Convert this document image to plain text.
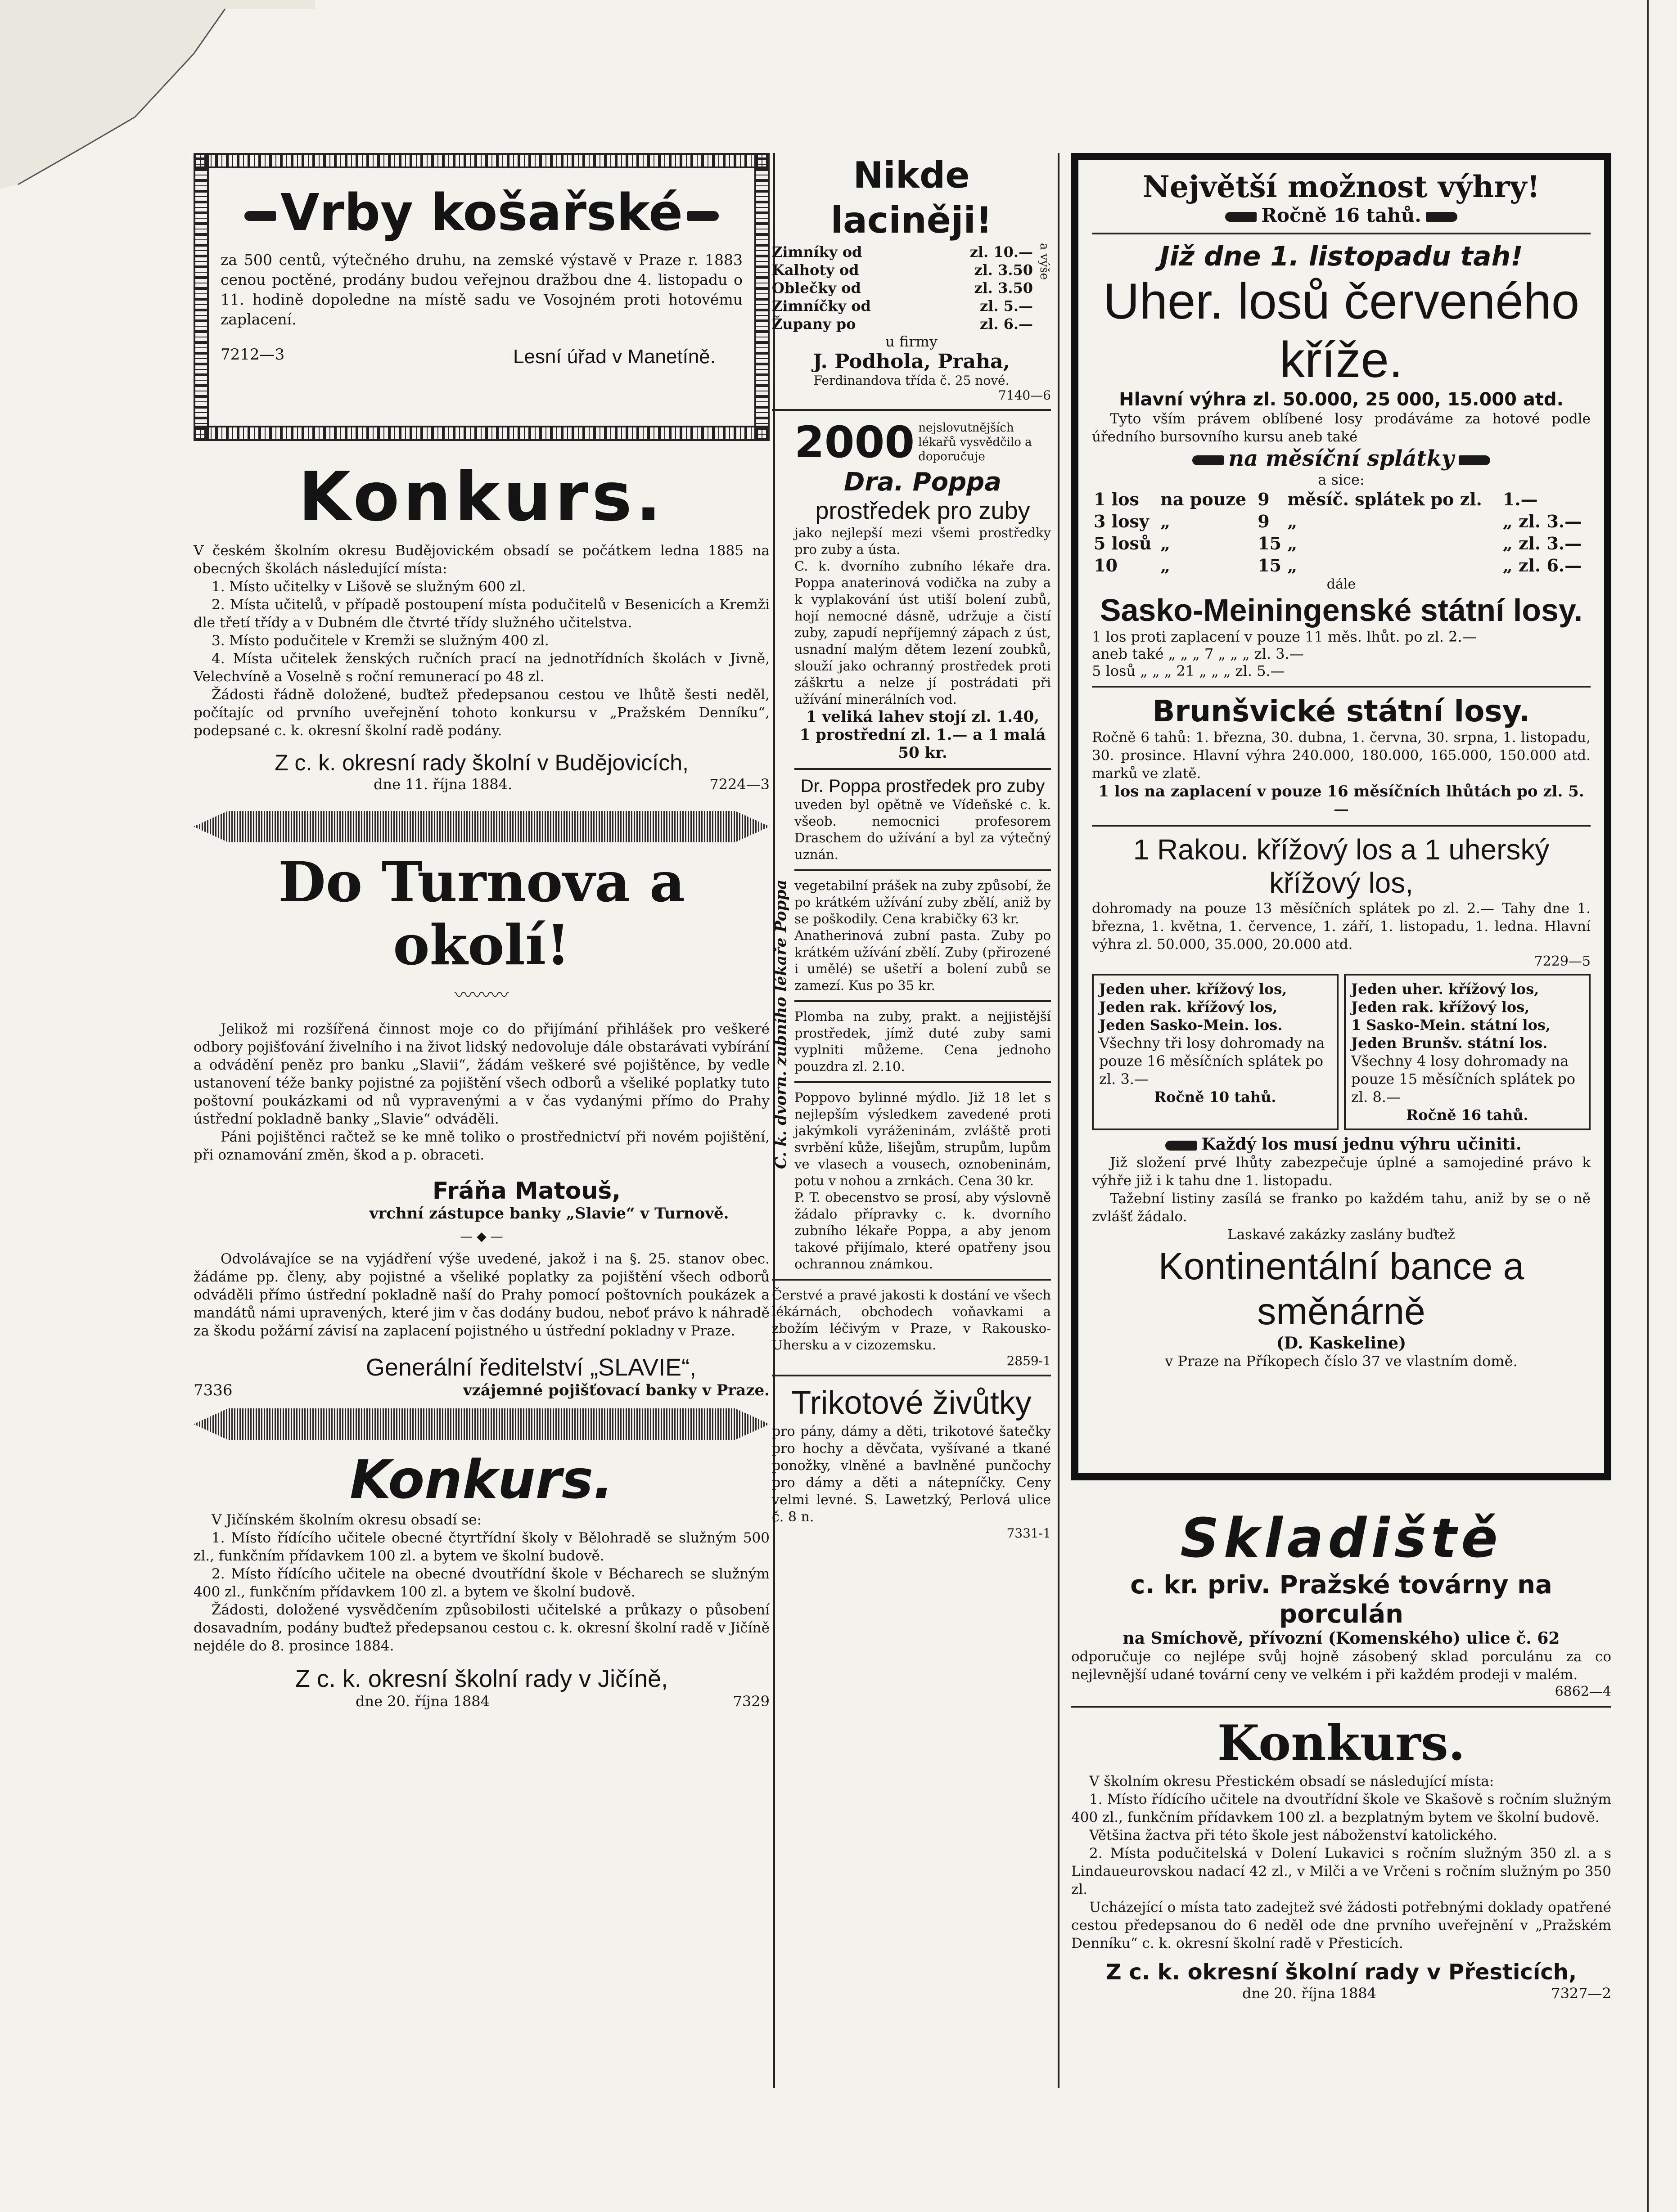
Vrby košařské

za 500 centů, výtečného druhu, na zemské výstavě v Praze r. 1883 cenou poctěné, prodány budou veřejnou dražbou dne 4. listopadu o 11. hodině dopoledne na místě sadu ve Vosojném proti hotovému zaplacení.

7212—3	Lesní úřad v Manetíně.
Konkurs.

V českém školním okresu Budějovickém obsadí se počátkem ledna 1885 na obecných školách následující místa:

1. Místo učitelky v Lišově se služným 600 zl.

2. Místa učitelů, v případě postoupení místa podučitelů v Besenicích a Kremži dle třetí třídy a v Dubném dle čtvrté třídy služného učitelstva.

3. Místo podučitele v Kremži se služným 400 zl.

4. Místa učitelek ženských ručních prací na jednotřídních školách v Jivně, Velechvíně a Voselně s roční remunerací po 48 zl.

Žádosti řádně doložené, buďtež předepsanou cestou ve lhůtě šesti neděl, počítajíc od prvního uveřejnění tohoto konkursu v „Pražském Denníku“, podepsané c. k. okresní školní radě podány.

Z c. k. okresní rady školní v Budějovicích,
dne 11. října 1884.	7224—3
Do Turnova a okolí!
〰〰〰

Jelikož mi rozšířená činnost moje co do přijímání přihlášek pro veškeré odbory pojišťování živelního i na život lidský nedovoluje dále obstarávati vybírání a odvádění peněz pro banku „Slavii“, žádám veškeré své pojištěnce, by vedle ustanovení téže banky pojistné za pojištění všech odborů a všeliké poplatky tuto poštovní poukázkami od nů vypravenými a v čas vydanými přímo do Prahy ústřední pokladně banky „Slavie“ odváděli.

Páni pojištěnci račtež se ke mně toliko o prostřednictví při novém pojištění, při oznamování změn, škod a p. obraceti.

Fráňa Matouš,
vrchní zástupce banky „Slavie“ v Turnově.
— ◆ —

Odvolávajíce se na vyjádření výše uvedené, jakož i na §. 25. stanov obec. žádáme pp. členy, aby pojistné a všeliké poplatky za pojištění všech odborů odváděli přímo ústřední pokladně naší do Prahy pomocí poštovních poukázek a mandátů námi upravených, které jim v čas dodány budou, neboť právo k náhradě za škodu požární závisí na zaplacení pojistného u ústřední pokladny v Praze.

Generální ředitelství „SLAVIE“,
7336	vzájemné pojišťovací banky v Praze.
Konkurs.

V Jičínském školním okresu obsadí se:

1. Místo řídícího učitele obecné čtyrtřídní školy v Bělohradě se služným 500 zl., funkčním přídavkem 100 zl. a bytem ve školní budově.

2. Místo řídícího učitele na obecné dvoutřídní škole v Bécharech se služným 400 zl., funkčním přídavkem 100 zl. a bytem ve školní budově.

Žádosti, doložené vysvědčením způsobilosti učitelské a průkazy o působení dosavadním, podány buďtež předepsanou cestou c. k. okresní školní radě v Jičíně nejdéle do 8. prosince 1884.

Z c. k. okresní školní rady v Jičíně,
dne 20. října 1884	7329
Nikde laciněji!
Zimníky od	zl. 10.—
Kalhoty od	zl. 3.50
Oblečky od	zl. 3.50
Zimníčky od	zl. 5.—
Župany po	zl. 6.—
a výše
u firmy
J. Podhola, Praha,
Ferdinandova třída č. 25 nové.
7140—6
C. k. dvorn. zubního lékaře Poppa
2000 nejslovutnějších lékařů vysvědčilo a doporučuje
Dra. Poppa
prostředek pro zuby

jako nejlepší mezi všemi prostředky pro zuby a ústa.

C. k. dvorního zubního lékaře dra. Poppa anaterinová vodička na zuby a k vyplakování úst utiší bolení zubů, hojí nemocné dásně, udržuje a čistí zuby, zapudí nepříjemný zápach z úst, usnadní malým dětem lezení zoubků, slouží jako ochranný prostředek proti záškrtu a nelze jí postrádati při užívání minerálních vod.

1 veliká lahev stojí zl. 1.40,
1 prostřední zl. 1.— a 1 malá 50 kr.
Dr. Poppa prostředek pro zuby

uveden byl opětně ve Vídeňské c. k. všeob. nemocnici profesorem Draschem do užívání a byl za výtečný uznán.

vegetabilní prášek na zuby způsobí, že po krátkém užívání zuby zbělí, aniž by se poškodily. Cena krabičky 63 kr.

Anatherinová zubní pasta. Zuby po krátkém užívání zbělí. Zuby (přirozené i umělé) se ušetří a bolení zubů se zamezí. Kus po 35 kr.

Plomba na zuby, prakt. a nejjistější prostředek, jímž duté zuby sami vyplniti můžeme. Cena jednoho pouzdra zl. 2.10.

Poppovo bylinné mýdlo. Již 18 let s nejlepším výsledkem zavedené proti jakýmkoli vyráženinám, zvláště proti svrbění kůže, lišejům, strupům, lupům ve vlasech a vousech, oznobeninám, potu v nohou a zrnkách. Cena 30 kr.

P. T. obecenstvo se prosí, aby výslovně žádalo přípravky c. k. dvorního zubního lékaře Poppa, a aby jenom takové přijímalo, které opatřeny jsou ochrannou známkou.

Čerstvé a pravé jakosti k dostání ve všech lékárnách, obchodech voňavkami a zbožím léčivým v Praze, v Rakousko-Uhersku a v cizozemsku.

2859-1
Trikotové živůtky

pro pány, dámy a děti, trikotové šatečky pro hochy a děvčata, vyšívané a tkané ponožky, vlněné a bavlněné punčochy pro dámy a děti a nátepníčky. Ceny velmi levné. S. Lawetzký, Perlová ulice č. 8 n.

7331-1
Největší možnost výhry!
Ročně 16 tahů.
Již dne 1. listopadu tah!
Uher. losů červeného kříže.
Hlavní výhra zl. 50.000, 25 000, 15.000 atd.

Tyto vším právem oblíbené losy prodáváme za hotové podle úředního bursovního kursu aneb také

na měsíční splátky
a sice:
1 los	na pouze	9	měsíč. splátek po zl.	1.—
3 losy	„	9	„	„ zl. 3.—
5 losů	„	15	„	„ zl. 3.—
10	„	15	„	„ zl. 6.—
dále
Sasko-Meiningenské státní losy.
1 los proti zaplacení v pouze 11 měs. lhůt. po zl. 2.—
aneb také „ „ „ 7 „ „ „ zl. 3.—
5 losů „ „ „ 21 „ „ „ zl. 5.—
Brunšvické státní losy.

Ročně 6 tahů: 1. března, 30. dubna, 1. června, 30. srpna, 1. listopadu, 30. prosince. Hlavní výhra 240.000, 180.000, 165.000, 150.000 atd. marků ve zlatě.

1 los na zaplacení v pouze 16 měsíčních lhůtách po zl. 5.—
1 Rakou. křížový los a 1 uherský křížový los,

dohromady na pouze 13 měsíčních splátek po zl. 2.— Tahy dne 1. března, 1. května, 1. července, 1. září, 1. listopadu, 1. ledna. Hlavní výhra zl. 50.000, 35.000, 20.000 atd.

7229—5
Jeden uher. křížový los,
Jeden rak. křížový los,
Jeden Sasko-Mein. los.
Všechny tři losy dohromady na pouze 16 měsíčních splátek po zl. 3.—
Ročně 10 tahů.
Jeden uher. křížový los,
Jeden rak. křížový los,
1 Sasko-Mein. státní los,
Jeden Brunšv. státní los.
Všechny 4 losy dohromady na pouze 15 měsíčních splátek po zl. 8.—
Ročně 16 tahů.
Každý los musí jednu výhru učiniti.

Již složení prvé lhůty zabezpečuje úplné a samojediné právo k výhře již i k tahu dne 1. listopadu.

Tažební listiny zasílá se franko po každém tahu, aniž by se o ně zvlášť žádalo.

Laskavé zakázky zaslány buďtež

Kontinentální bance a směnárně
(D. Kaskeline)
v Praze na Příkopech číslo 37 ve vlastním domě.
Skladiště
c. kr. priv. Pražské továrny na porculán
na Smíchově, přívozní (Komenského) ulice č. 62

odporučuje co nejlépe svůj hojně zásobený sklad porculánu za co nejlevnější udané tovární ceny ve velkém i při každém prodeji v malém.

6862—4
Konkurs.

V školním okresu Přestickém obsadí se následující místa:

1. Místo řídícího učitele na dvoutřídní škole ve Skašově s ročním služným 400 zl., funkčním přídavkem 100 zl. a bezplatným bytem ve školní budově.

Většina žactva při této škole jest náboženství katolického.

2. Místa podučitelská v Dolení Lukavici s ročním služným 350 zl. a s Lindaueurovskou nadací 42 zl., v Milči a ve Vrčeni s ročním služným po 350 zl.

Ucházející o místa tato zadejtež své žádosti potřebnými doklady opatřené cestou předepsanou do 6 neděl ode dne prvního uveřejnění v „Pražském Denníku“ c. k. okresní školní radě v Přesticích.

Z c. k. okresní školní rady v Přesticích,
dne 20. října 1884	7327—2
